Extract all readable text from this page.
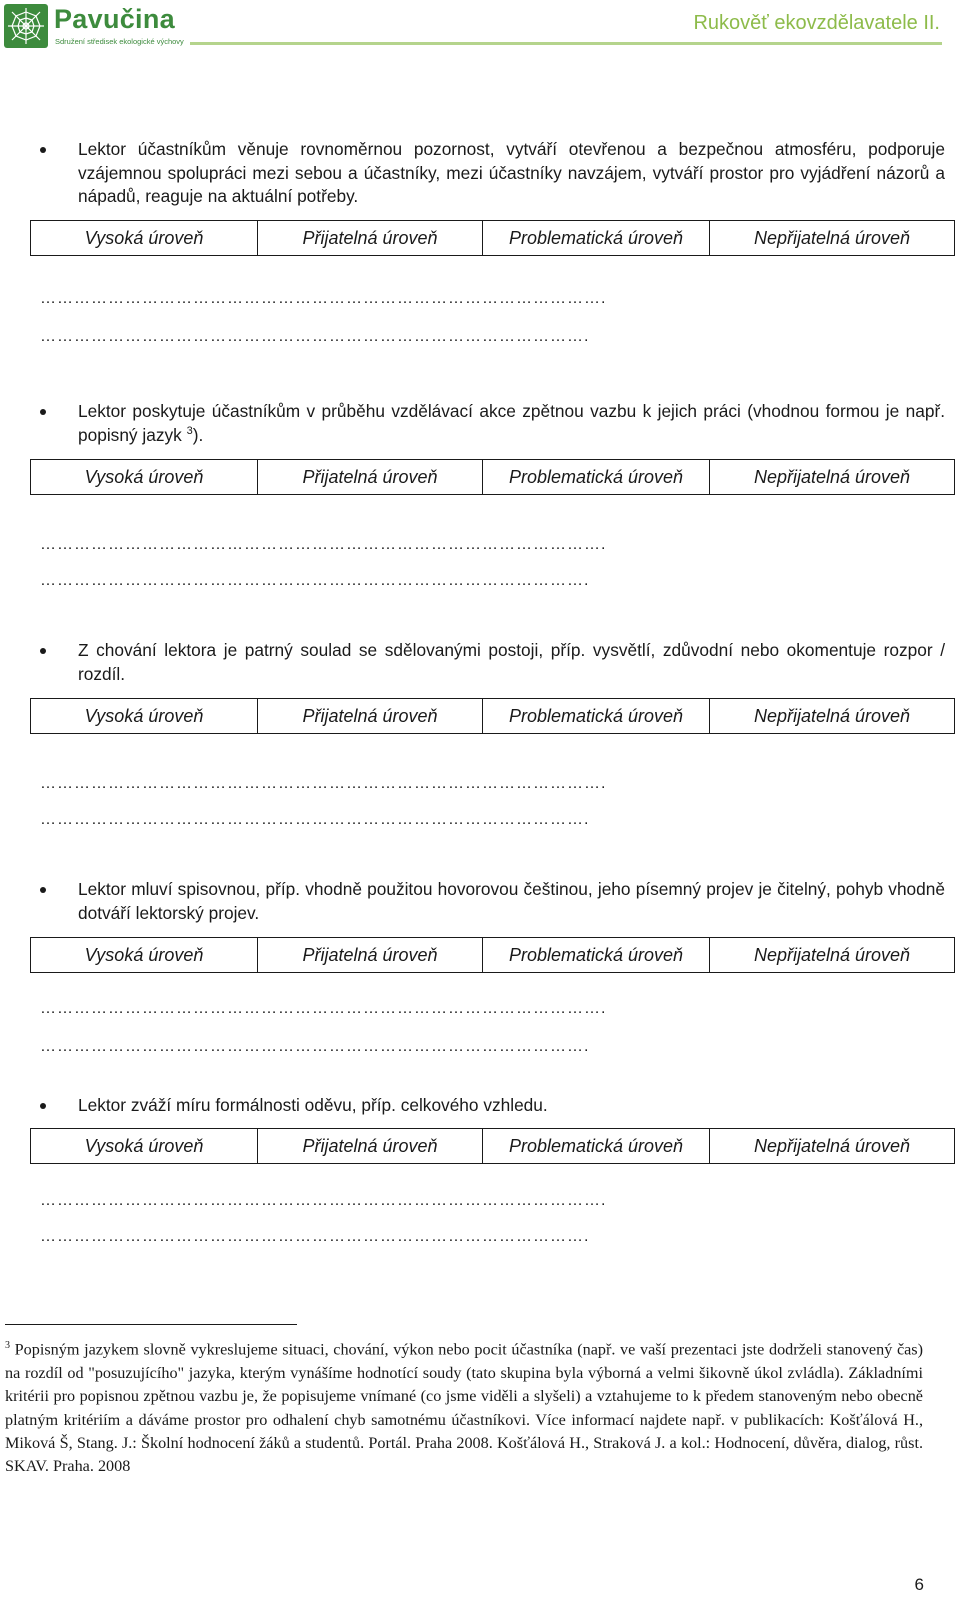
Pavučina
Sdružení středisek ekologické výchovy
Rukověť ekovzdělavatele II.
Lektor účastníkům věnuje rovnoměrnou pozornost, vytváří otevřenou a bezpečnou atmosféru, podporuje vzájemnou spolupráci mezi sebou a účastníky, mezi účastníky navzájem, vytváří prostor pro vyjádření názorů a nápadů, reaguje na aktuální potřeby.
Vysoká úroveň	Přijatelná úroveň	Problematická úroveň	Nepřijatelná úroveň
……………………………………………………………………………………….
…………………………………………………………………………………….
Lektor poskytuje účastníkům v průběhu vzdělávací akce zpětnou vazbu k jejich práci (vhodnou formou je např. popisný jazyk $^3$).
Vysoká úroveň	Přijatelná úroveň	Problematická úroveň	Nepřijatelná úroveň
……………………………………………………………………………………….
…………………………………………………………………………………….
Z chování lektora je patrný soulad se sdělovanými postoji, příp. vysvětlí, zdůvodní nebo okomentuje rozpor / rozdíl.
Vysoká úroveň	Přijatelná úroveň	Problematická úroveň	Nepřijatelná úroveň
……………………………………………………………………………………….
…………………………………………………………………………………….
Lektor mluví spisovnou, příp. vhodně použitou hovorovou češtinou, jeho písemný projev je čitelný, pohyb vhodně dotváří lektorský projev.
Vysoká úroveň	Přijatelná úroveň	Problematická úroveň	Nepřijatelná úroveň
……………………………………………………………………………………….
…………………………………………………………………………………….
Lektor zváží míru formálnosti oděvu, příp. celkového vzhledu.
Vysoká úroveň	Přijatelná úroveň	Problematická úroveň	Nepřijatelná úroveň
……………………………………………………………………………………….
…………………………………………………………………………………….
$^3$ Popisným jazykem slovně vykreslujeme situaci, chování, výkon nebo pocit účastníka (např. ve vaší prezentaci jste dodrželi stanovený čas) na rozdíl od "posuzujícího" jazyka, kterým vynášíme hodnotící soudy (tato skupina byla výborná a velmi šikovně úkol zvládla). Základními kritérii pro popisnou zpětnou vazbu je, že popisujeme vnímané (co jsme viděli a slyšeli) a vztahujeme to k předem stanoveným nebo obecně platným kritériím a dáváme prostor pro odhalení chyb samotnému účastníkovi. Více informací najdete např. v publikacích: Košťálová H., Miková Š, Stang. J.: Školní hodnocení žáků a studentů. Portál. Praha 2008. Košťálová H., Straková J. a kol.: Hodnocení, důvěra, dialog, růst. SKAV. Praha. 2008
6
